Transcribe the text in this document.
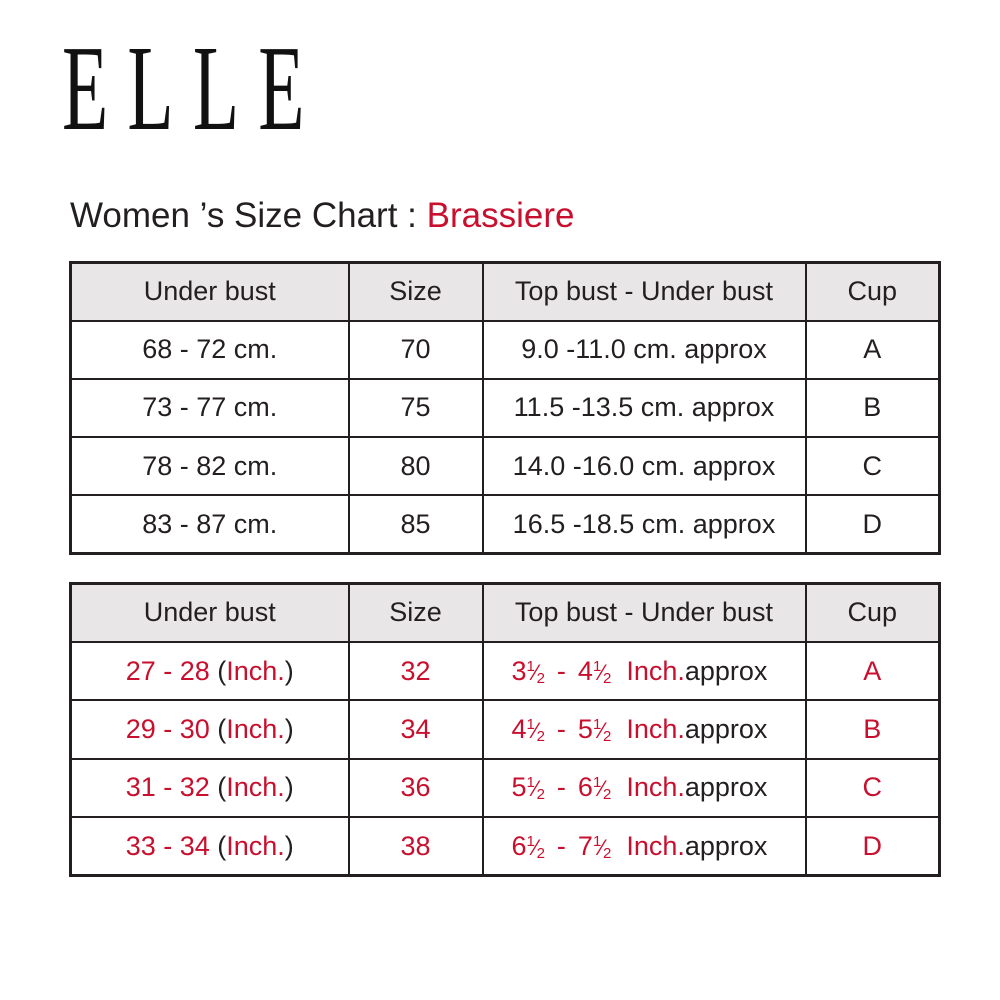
ELLE
Women ’s Size Chart : Brassiere
Under bust	Size	Top bust - Under bust	Cup
68 - 72 cm.	70	9.0 -11.0 cm. approx	A
73 - 77 cm.	75	11.5 -13.5 cm. approx	B
78 - 82 cm.	80	14.0 -16.0 cm. approx	C
83 - 87 cm.	85	16.5 -18.5 cm. approx	D
Under bust	Size	Top bust - Under bust	Cup
27 - 28 (Inch.)	32	$3^1⁄2$ - $4^1⁄2$ Inch.approx	A
29 - 30 (Inch.)	34	$4^1⁄2$ - $5^1⁄2$ Inch.approx	B
31 - 32 (Inch.)	36	$5^1⁄2$ - $6^1⁄2$ Inch.approx	C
33 - 34 (Inch.)	38	$6^1⁄2$ - $7^1⁄2$ Inch.approx	D
